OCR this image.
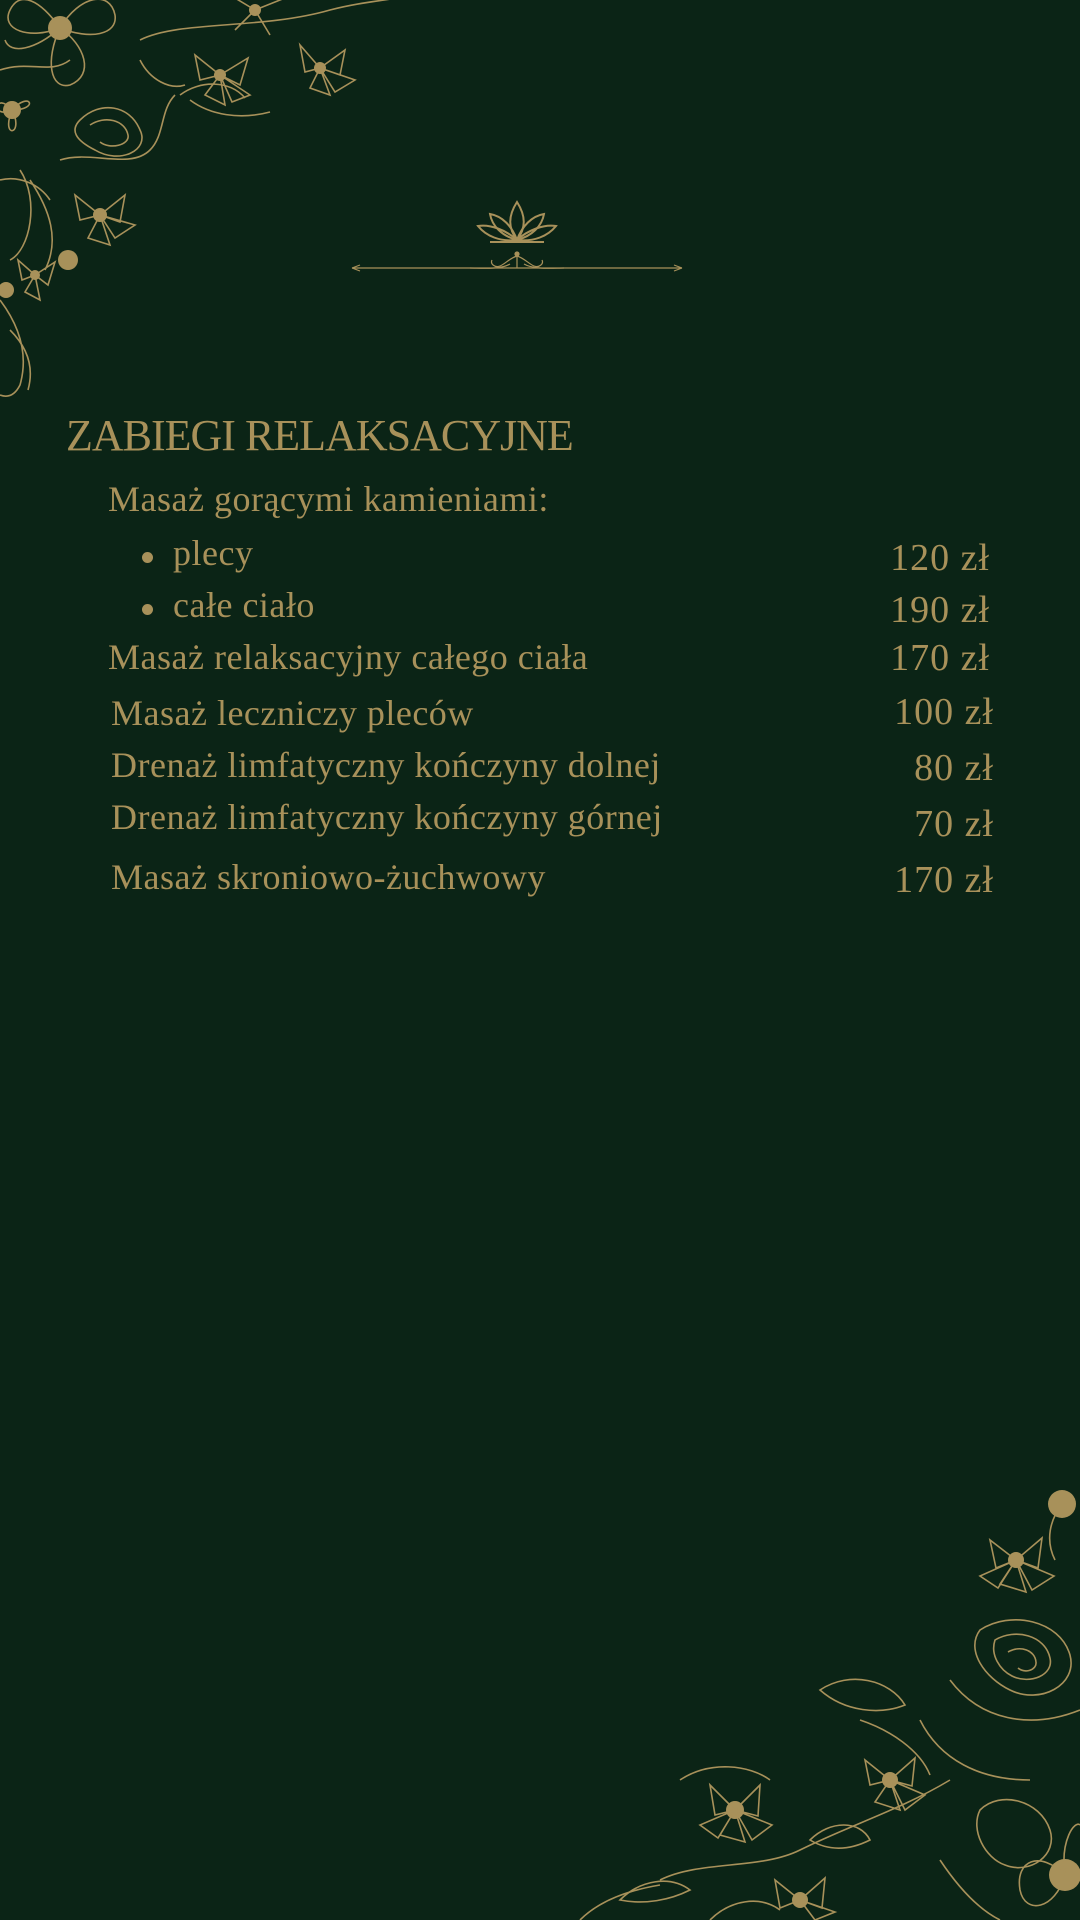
ZABIEGI RELAKSACYJNE
Masaż gorącymi kamieniami:
plecy	120 zł
całe ciało	190 zł
Masaż relaksacyjny całego ciała	170 zł
Masaż leczniczy pleców	100 zł
Drenaż limfatyczny kończyny dolnej	80 zł
Drenaż limfatyczny kończyny górnej	70 zł
Masaż skroniowo-żuchwowy	170 zł
